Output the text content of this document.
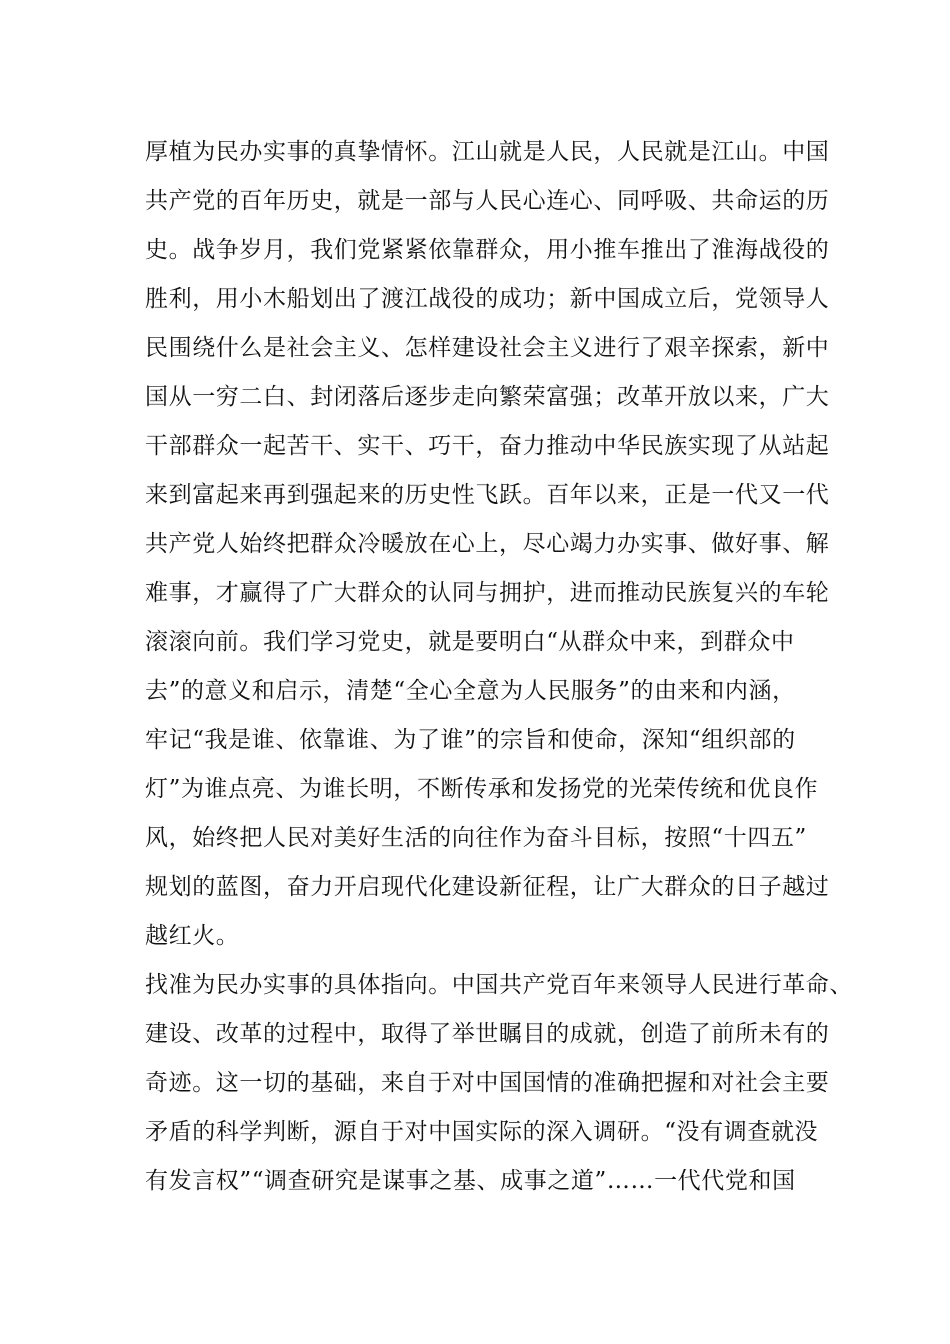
厚植为民办实事的真挚情怀。江山就是人民，人民就是江山。中国
共产党的百年历史，就是一部与人民心连心、同呼吸、共命运的历
史。战争岁月，我们党紧紧依靠群众，用小推车推出了淮海战役的
胜利，用小木船划出了渡江战役的成功；新中国成立后，党领导人
民围绕什么是社会主义、怎样建设社会主义进行了艰辛探索，新中
国从一穷二白、封闭落后逐步走向繁荣富强；改革开放以来，广大
干部群众一起苦干、实干、巧干，奋力推动中华民族实现了从站起
来到富起来再到强起来的历史性飞跃。百年以来，正是一代又一代
共产党人始终把群众冷暖放在心上，尽心竭力办实事、做好事、解
难事，才赢得了广大群众的认同与拥护，进而推动民族复兴的车轮
滚滚向前。我们学习党史，就是要明白“从群众中来，到群众中
去”的意义和启示，清楚“全心全意为人民服务”的由来和内涵，
牢记“我是谁、依靠谁、为了谁”的宗旨和使命，深知“组织部的
灯”为谁点亮、为谁长明，不断传承和发扬党的光荣传统和优良作
风，始终把人民对美好生活的向往作为奋斗目标，按照“十四五”
规划的蓝图，奋力开启现代化建设新征程，让广大群众的日子越过
越红火。
找准为民办实事的具体指向。中国共产党百年来领导人民进行革命、
建设、改革的过程中，取得了举世瞩目的成就，创造了前所未有的
奇迹。这一切的基础，来自于对中国国情的准确把握和对社会主要
矛盾的科学判断，源自于对中国实际的深入调研。“没有调查就没
有发言权”“调查研究是谋事之基、成事之道”……一代代党和国
